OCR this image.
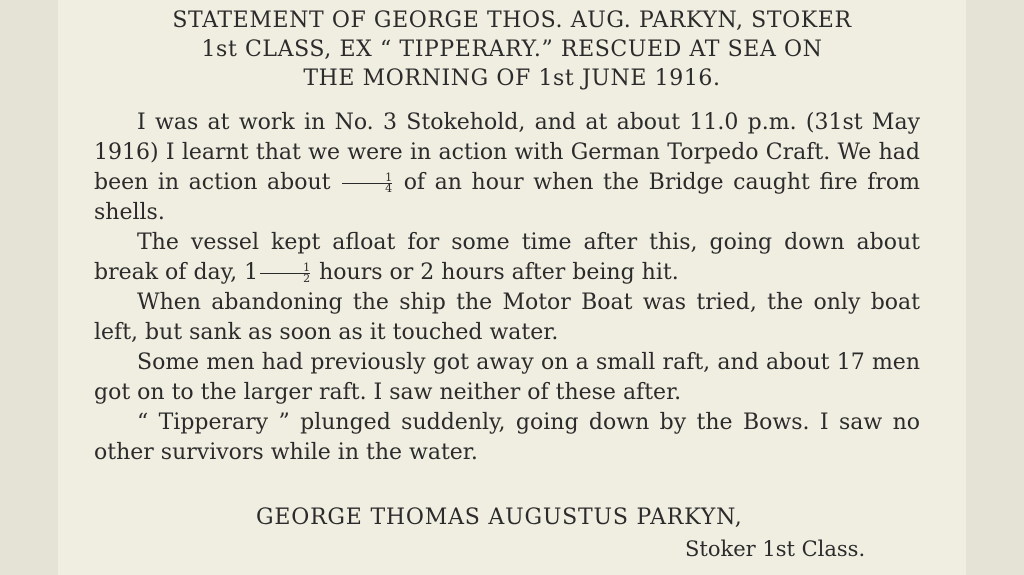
STATEMENT OF GEORGE THOS. AUG. PARKYN, STOKER
1st CLASS, EX “ TIPPERARY.” RESCUED AT SEA ON
THE MORNING OF 1st JUNE 1916.

I was at work in No. 3 Stokehold, and at about 11.0 p.m. (31st May 1916) I learnt that we were in action with German Torpedo Craft. We had been in action about $\frac{1}{4}$ of an hour when the Bridge caught fire from shells.

The vessel kept afloat for some time after this, going down about break of day, $1 \frac{1}{2}$ hours or 2 hours after being hit.

When abandoning the ship the Motor Boat was tried, the only boat left, but sank as soon as it touched water.

Some men had previously got away on a small raft, and about 17 men got on to the larger raft. I saw neither of these after.

“ Tipperary ” plunged suddenly, going down by the Bows. I saw no other survivors while in the water.

GEORGE THOMAS AUGUSTUS PARKYN,
Stoker 1st Class.
